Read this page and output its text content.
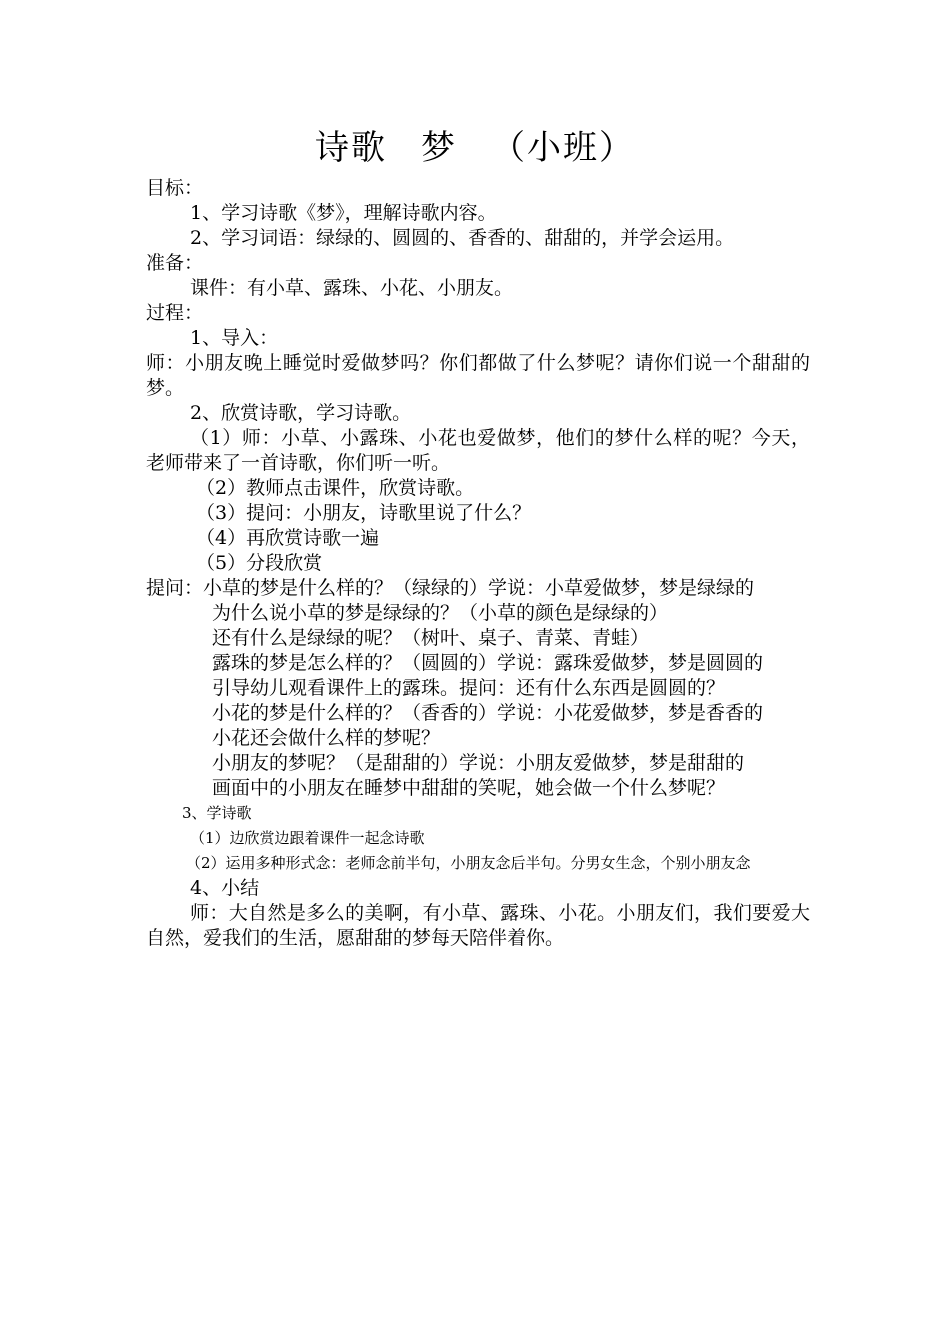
诗歌 梦 （小班）
目标：
1、学习诗歌《梦》，理解诗歌内容。
2、学习词语：绿绿的、圆圆的、香香的、甜甜的，并学会运用。
准备：
课件：有小草、露珠、小花、小朋友。
过程：
1、导入：
师：小朋友晚上睡觉时爱做梦吗？你们都做了什么梦呢？请你们说一个甜甜的梦。
2、欣赏诗歌，学习诗歌。
（1）师：小草、小露珠、小花也爱做梦，他们的梦什么样的呢？今天，老师带来了一首诗歌，你们听一听。
（2）教师点击课件，欣赏诗歌。
（3）提问：小朋友，诗歌里说了什么？
（4）再欣赏诗歌一遍
（5）分段欣赏
提问：小草的梦是什么样的？（绿绿的）学说：小草爱做梦，梦是绿绿的
为什么说小草的梦是绿绿的？（小草的颜色是绿绿的）
还有什么是绿绿的呢？（树叶、桌子、青菜、青蛙）
露珠的梦是怎么样的？（圆圆的）学说：露珠爱做梦，梦是圆圆的
引导幼儿观看课件上的露珠。提问：还有什么东西是圆圆的？
小花的梦是什么样的？（香香的）学说：小花爱做梦，梦是香香的
小花还会做什么样的梦呢？
小朋友的梦呢？（是甜甜的）学说：小朋友爱做梦，梦是甜甜的
画面中的小朋友在睡梦中甜甜的笑呢，她会做一个什么梦呢？
3、学诗歌
（1）边欣赏边跟着课件一起念诗歌
（2）运用多种形式念：老师念前半句，小朋友念后半句。分男女生念，个别小朋友念
4、小结
师：大自然是多么的美啊，有小草、露珠、小花。小朋友们，我们要爱大自然，爱我们的生活，愿甜甜的梦每天陪伴着你。
